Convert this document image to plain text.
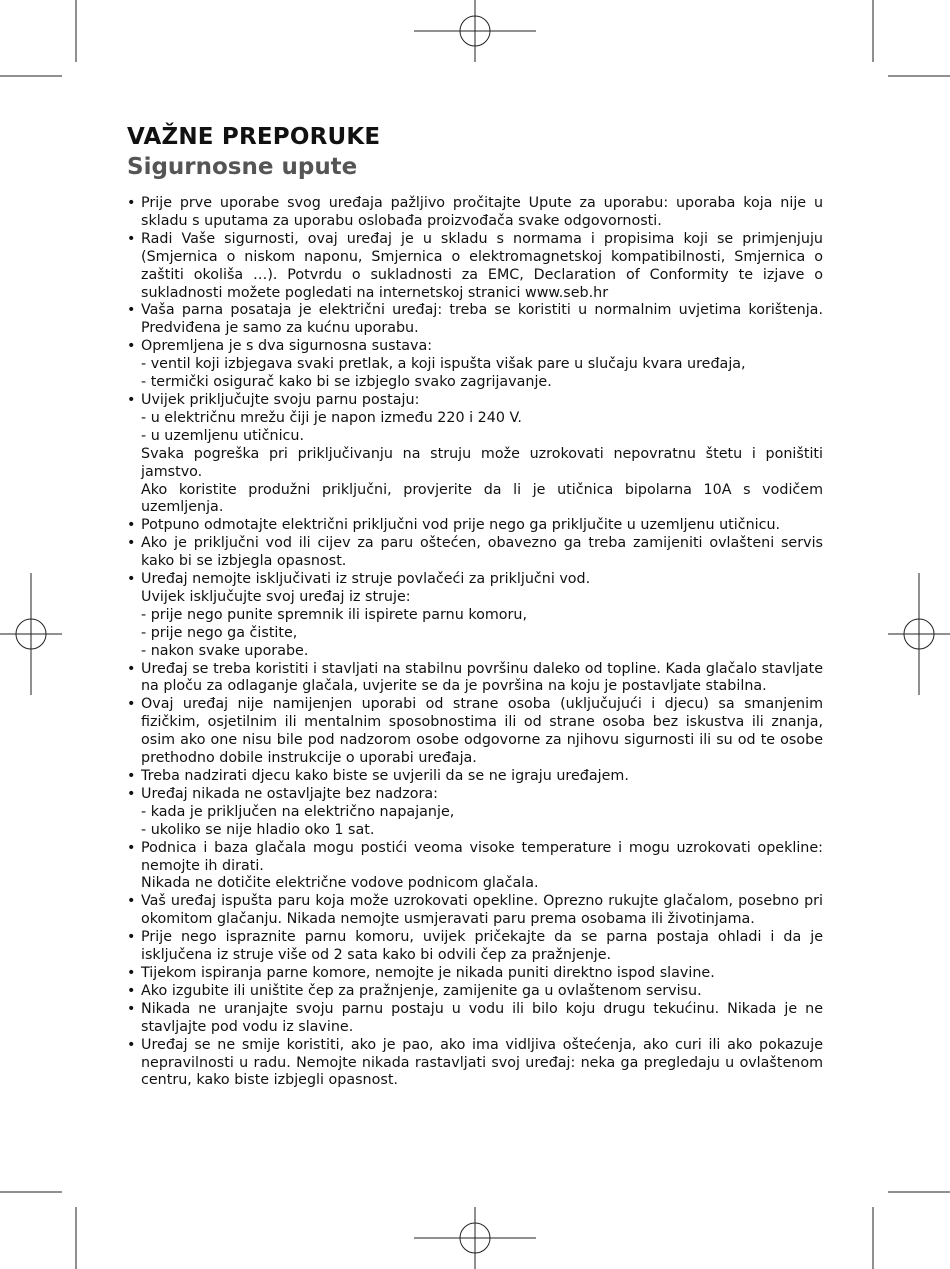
VAŽNE PREPORUKE
Sigurnosne upute
• Prije prve uporabe svog uređaja pažljivo pročitajte Upute za uporabu: uporaba koja nije u skladu s uputama za uporabu oslobađa proizvođača svake odgovornosti.
• Radi Vaše sigurnosti, ovaj uređaj je u skladu s normama i propisima koji se primjenjuju (Smjernica o niskom naponu, Smjernica o elektromagnetskoj kompatibilnosti, Smjernica o zaštiti okoliša …). Potvrdu o sukladnosti za EMC, Declaration of Conformity te izjave o sukladnosti možete pogledati na internetskoj stranici www.seb.hr
• Vaša parna posataja je električni uređaj: treba se koristiti u normalnim uvjetima korištenja. Predviđena je samo za kućnu uporabu.
• Opremljena je s dva sigurnosna sustava:
- ventil koji izbjegava svaki pretlak, a koji ispušta višak pare u slučaju kvara uređaja,
- termički osigurač kako bi se izbjeglo svako zagrijavanje.
• Uvijek priključujte svoju parnu postaju:
- u električnu mrežu čiji je napon između 220 i 240 V.
- u uzemljenu utičnicu.
Svaka pogreška pri priključivanju na struju može uzrokovati nepovratnu štetu i poništiti jamstvo.
Ako koristite produžni priključni, provjerite da li je utičnica bipolarna 10A s vodičem uzemljenja.
• Potpuno odmotajte električni priključni vod prije nego ga priključite u uzemljenu utičnicu.
• Ako je priključni vod ili cijev za paru oštećen, obavezno ga treba zamijeniti ovlašteni servis kako bi se izbjegla opasnost.
• Uređaj nemojte isključivati iz struje povlačeći za priključni vod.
Uvijek isključujte svoj uređaj iz struje:
- prije nego punite spremnik ili ispirete parnu komoru,
- prije nego ga čistite,
- nakon svake uporabe.
• Uređaj se treba koristiti i stavljati na stabilnu površinu daleko od topline. Kada glačalo stavljate na ploču za odlaganje glačala, uvjerite se da je površina na koju je postavljate stabilna.
• Ovaj uređaj nije namijenjen uporabi od strane osoba (uključujući i djecu) sa smanjenim fizičkim, osjetilnim ili mentalnim sposobnostima ili od strane osoba bez iskustva ili znanja, osim ako one nisu bile pod nadzorom osobe odgovorne za njihovu sigurnosti ili su od te osobe prethodno dobile instrukcije o uporabi uređaja.
• Treba nadzirati djecu kako biste se uvjerili da se ne igraju uređajem.
• Uređaj nikada ne ostavljajte bez nadzora:
- kada je priključen na električno napajanje,
- ukoliko se nije hladio oko 1 sat.
• Podnica i baza glačala mogu postići veoma visoke temperature i mogu uzrokovati opekline: nemojte ih dirati.
Nikada ne dotičite električne vodove podnicom glačala.
• Vaš uređaj ispušta paru koja može uzrokovati opekline. Oprezno rukujte glačalom, posebno pri okomitom glačanju. Nikada nemojte usmjeravati paru prema osobama ili životinjama.
• Prije nego ispraznite parnu komoru, uvijek pričekajte da se parna postaja ohladi i da je isključena iz struje više od 2 sata kako bi odvili čep za pražnjenje.
• Tijekom ispiranja parne komore, nemojte je nikada puniti direktno ispod slavine.
• Ako izgubite ili uništite čep za pražnjenje, zamijenite ga u ovlaštenom servisu.
• Nikada ne uranjajte svoju parnu postaju u vodu ili bilo koju drugu tekućinu. Nikada je ne stavljajte pod vodu iz slavine.
• Uređaj se ne smije koristiti, ako je pao, ako ima vidljiva oštećenja, ako curi ili ako pokazuje nepravilnosti u radu. Nemojte nikada rastavljati svoj uređaj: neka ga pregledaju u ovlaštenom centru, kako biste izbjegli opasnost.
